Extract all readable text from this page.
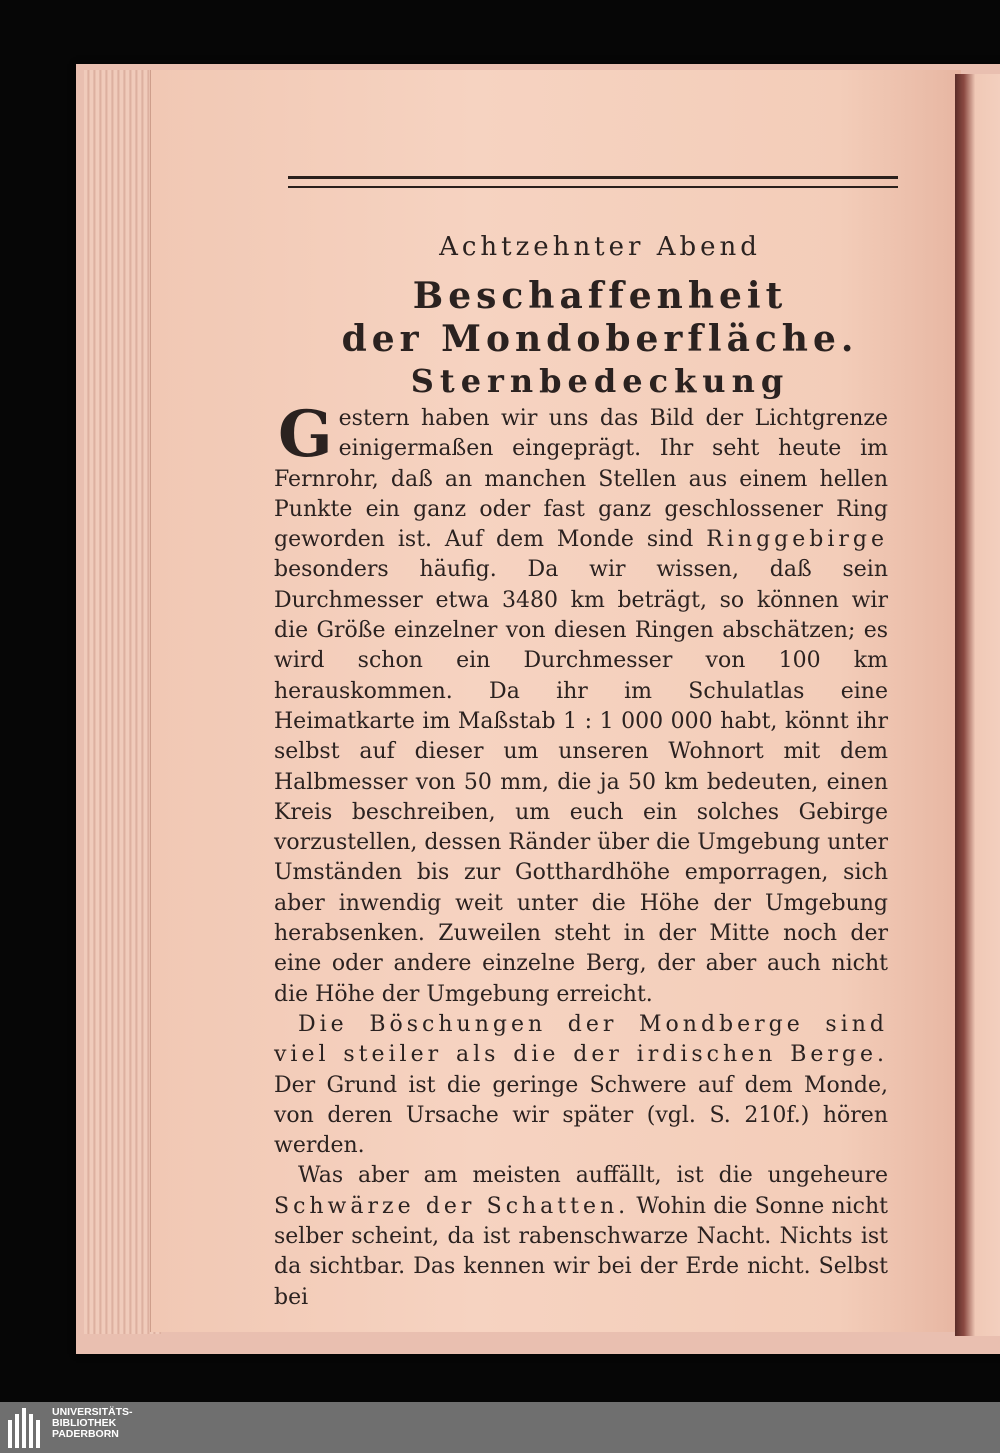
Achtzehnter Abend
Beschaffenheit
der Mondoberfläche.
Sternbedeckung

Gestern haben wir uns das Bild der Lichtgrenze einigermaßen eingeprägt. Ihr seht heute im Fernrohr, daß an manchen Stellen aus einem hellen Punkte ein ganz oder fast ganz geschlossener Ring geworden ist. Auf dem Monde sind Ringgebirge besonders häufig. Da wir wissen, daß sein Durchmesser etwa 3480 km beträgt, so können wir die Größe einzelner von diesen Ringen abschätzen; es wird schon ein Durchmesser von 100 km herauskommen. Da ihr im Schulatlas eine Heimatkarte im Maßstab 1 : 1 000 000 habt, könnt ihr selbst auf dieser um unseren Wohnort mit dem Halbmesser von 50 mm, die ja 50 km bedeuten, einen Kreis beschreiben, um euch ein solches Gebirge vorzustellen, dessen Ränder über die Umgebung unter Umständen bis zur Gotthardhöhe emporragen, sich aber inwendig weit unter die Höhe der Umgebung herabsenken. Zuweilen steht in der Mitte noch der eine oder andere einzelne Berg, der aber auch nicht die Höhe der Umgebung erreicht.

Die Böschungen der Mondberge sind viel steiler als die der irdischen Berge. Der Grund ist die geringe Schwere auf dem Monde, von deren Ursache wir später (vgl. S. 210f.) hören werden.

Was aber am meisten auffällt, ist die ungeheure Schwärze der Schatten. Wohin die Sonne nicht selber scheint, da ist rabenschwarze Nacht. Nichts ist da sichtbar. Das kennen wir bei der Erde nicht. Selbst bei

UNIVERSITÄTS-
BIBLIOTHEK
PADERBORN
